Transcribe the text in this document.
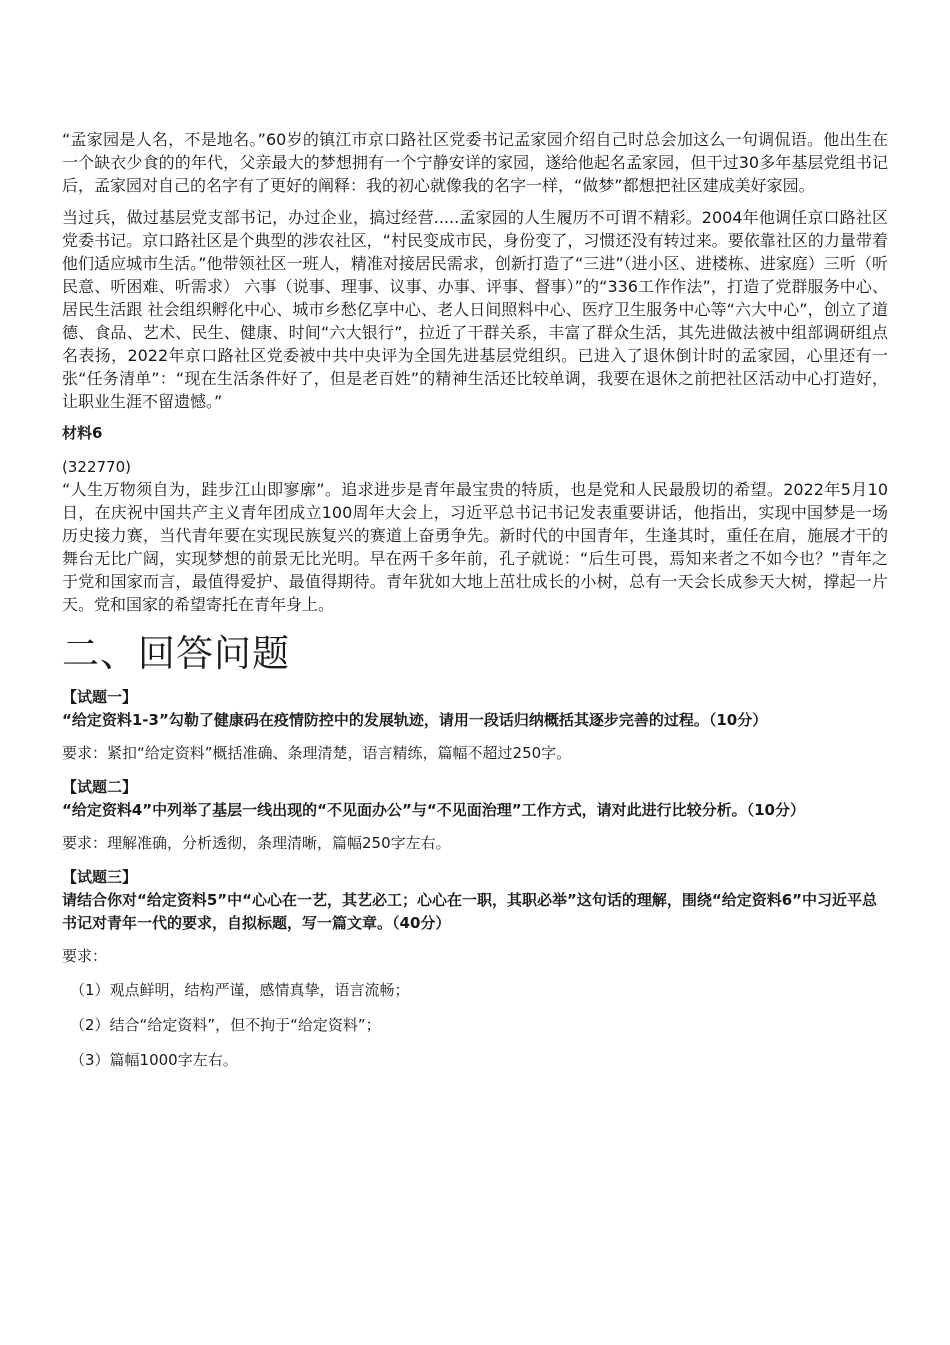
“孟家园是人名，不是地名。”60岁的镇江市京口路社区党委书记孟家园介绍自己时总会加这么一句调侃语。他出生在一个缺衣少食的的年代，父亲最大的梦想拥有一个宁静安详的家园，遂给他起名孟家园，但干过30多年基层党组书记后，孟家园对自己的名字有了更好的阐释：我的初心就像我的名字一样，“做梦”都想把社区建成美好家园。

当过兵，做过基层党支部书记，办过企业，搞过经营.....孟家园的人生履历不可谓不精彩。2004年他调任京口路社区党委书记。京口路社区是个典型的涉农社区，“村民变成市民，身份变了，习惯还没有转过来。要依靠社区的力量带着他们适应城市生活。”他带领社区一班人，精准对接居民需求，创新打造了“三进”（进小区、进楼栋、进家庭）三听（听民意、听困难、听需求） 六事（说事、理事、议事、办事、评事、督事）”的“336工作作法”，打造了党群服务中心、居民生活跟 社会组织孵化中心、城市乡愁亿享中心、老人日间照料中心、医疗卫生服务中心等“六大中心”，创立了道德、食品、艺术、民生、健康、时间“六大银行”，拉近了干群关系，丰富了群众生活，其先进做法被中组部调研组点名表扬，2022年京口路社区党委被中共中央评为全国先进基层党组织。已进入了退休倒计时的孟家园，心里还有一张“任务清单”：“现在生活条件好了，但是老百姓”的精神生活还比较单调，我要在退休之前把社区活动中心打造好，让职业生涯不留遗憾。”

材料6

(322770)

“人生万物须自为，跬步江山即寥廓”。追求进步是青年最宝贵的特质，也是党和人民最殷切的希望。2022年5月10日，在庆祝中国共产主义青年团成立100周年大会上，习近平总书记书记发表重要讲话，他指出，实现中国梦是一场历史接力赛，当代青年要在实现民族复兴的赛道上奋勇争先。新时代的中国青年，生逢其时，重任在肩，施展才干的舞台无比广阔，实现梦想的前景无比光明。早在两千多年前，孔子就说：“后生可畏，焉知来者之不如今也？”青年之于党和国家而言，最值得爱护、最值得期待。青年犹如大地上茁壮成长的小树，总有一天会长成参天大树，撑起一片天。党和国家的希望寄托在青年身上。

二、回答问题

【试题一】

“给定资料1-3”勾勒了健康码在疫情防控中的发展轨迹，请用一段话归纳概括其逐步完善的过程。（10分）

要求：紧扣“给定资料”概括准确、条理清楚，语言精练，篇幅不超过250字。

【试题二】

“给定资料4”中列举了基层一线出现的“不见面办公”与“不见面治理”工作方式，请对此进行比较分析。（10分）

要求：理解准确，分析透彻，条理清晰，篇幅250字左右。

【试题三】

请结合你对“给定资料5”中“心心在一艺，其艺必工；心心在一职，其职必举”这句话的理解，围绕“给定资料6”中习近平总书记对青年一代的要求，自拟标题，写一篇文章。（40分）

要求：

（1）观点鲜明，结构严谨，感情真挚，语言流畅；

（2）结合“给定资料”，但不拘于“给定资料”；

（3）篇幅1000字左右。
